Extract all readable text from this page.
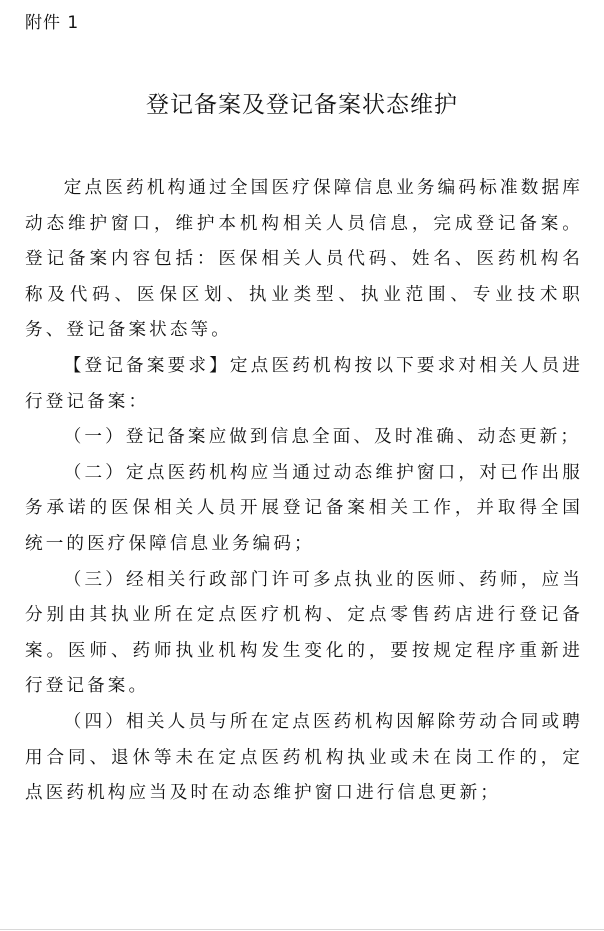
附件 1
登记备案及登记备案状态维护

定点医药机构通过全国医疗保障信息业务编码标准数据库动态维护窗口，维护本机构相关人员信息，完成登记备案。登记备案内容包括：医保相关人员代码、姓名、医药机构名称及代码、医保区划、执业类型、执业范围、专业技术职务、登记备案状态等。

【登记备案要求】定点医药机构按以下要求对相关人员进行登记备案：

（一）登记备案应做到信息全面、及时准确、动态更新；

（二）定点医药机构应当通过动态维护窗口，对已作出服务承诺的医保相关人员开展登记备案相关工作，并取得全国统一的医疗保障信息业务编码；

（三）经相关行政部门许可多点执业的医师、药师，应当分别由其执业所在定点医疗机构、定点零售药店进行登记备案。医师、药师执业机构发生变化的，要按规定程序重新进行登记备案。

（四）相关人员与所在定点医药机构因解除劳动合同或聘用合同、退休等未在定点医药机构执业或未在岗工作的，定点医药机构应当及时在动态维护窗口进行信息更新；
